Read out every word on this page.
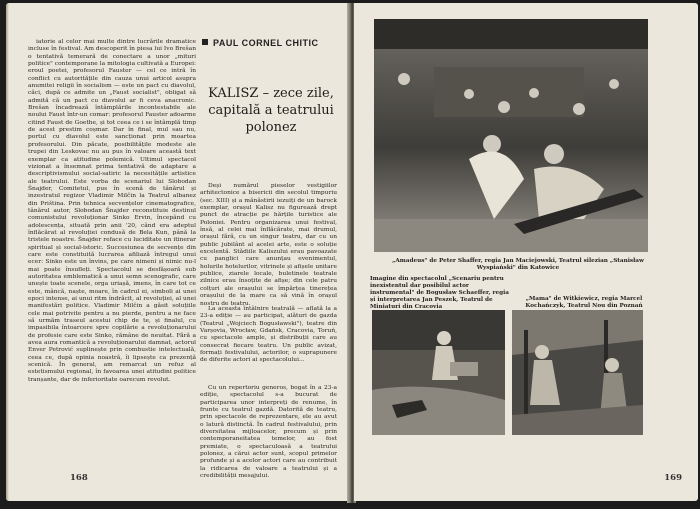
iatorie al celor mai multe dintre lucrările dramatice incluse în festival. Am descoperit în piesa lui Ivo Brešan o tentativă temerară de conectare a unor „mituri politice" contemporane la mitologia cultivată a Europei: eroul poetei, profesorul Fauster — cel ce intră în conflict cu autoritățile din cauza unui articol asupra anumitei religii în socialism — este un pact cu diavolul, căci, după ce admite un „Faust socialist", obligat să admită că un pact cu diavolul ar fi ceva anacronic. Brešan încadrează întâmplările incontestabile ale noului Faust într-un comar: profesorul Fauster adoarme citind Faust de Goethe, și tot ceea ce i se întâmplă timp de acest prestim coșmar. Dar în final, mul sau nu, portul cu diavolul este sancționat prin moartea profesorului. Din păcate, posibilitățile modeste ale trupei din Leskovac nu au pus în valoare această text exemplar ca atitudine polemică. Ultimul spectacol vizionat a însemnat prima tentativă de adaptare a descriptivismului social-satiric la necesitățile artistice ale teatrului. Este vorba de scenariul lui Slobodan Šnajder, Comitetul, pus în scenă de tânărul și inzestratul regizor Vladimir Milčin la Teatrul albanez din Priština. Prin tehnica secvențelor cinematografice, tânărul autor, Slobodan Šnajder reconstituie destinul comunistului revoluționar Sinko Ervin, începând cu adolescența, situată prin anii '20, când era adeptul înflăcărat al revoluției condusă de Bela Kun, până la tristele noastre. Šnajder reface cu luciditate un itinerar spiritual și social-istoric. Succesiunea de secvențe din care este constituită lucrarea afiliază întregul unui ecer: Sinko este un învins, pe care nimeni și nimic nu-l mai poate însufleți. Spectacolul se desfășoară sub autoritatea emblematică a unui semn scenografic, care unește toate scenele, orga uriașă, imens, în care tot ce este, mâncă, naște, moare, în cadrul ei, simboli ai unei epoci intense, ai unui ritm îndrăcit, al revoluției, al unei manifestări politice. Vladimir Milčin a găsit soluțiile cele mai potrivite pentru a nu pierde, pentru a ne face să urmăm traseul acestui chip de te, și finalul, cu impasibila întoarcere spre copilărie a revoluționarului de profesie care este Sinko, rămâne de neuitat. Fără a avea aura romantică a revoluționarului damnat, actorul Enver Petrović suplinește prin combustie intelectuală, ceea ce, după opinia noastră, îi lipsește ca prezență scenică. În general, am remarcat un refuz al estetismului regional, în favoarea unei atitudini politice tranșante, dar de inferioritate oarecum revolut.

PAUL CORNEL CHITIC
KALISZ – zece zile, capitală a teatrului polonez

Deși numărul pieselor vestigiilor arhitectonice a bisericii din secolul timpuriu (sec. XIII) și a mănăstirii iezuiți de un barock exemplar, orașul Kalisz nu figurează drept punct de atracție pe hărțile turistice ale Poloniei. Pentru organizarea unui festival, însă, al celei mai înflăcărate, mai drumul, orașul fără, cu un singur teatru, dar cu un public jubilânt al acelei arte, este o soluție excelentă. Stădiile Kaliszului erau pavoazate cu panglici care anunțau evenimentul, holurile hotelurilor, vitrinele și afișele unitare publice, ziarele locale, buletinele teatrale zilnice erau însoțite de afișe; din cele patru colțuri ale orașului se împărțea tinerețea orașului de la mare ca să vină în orașul nostru de teatru.

La aceasta întâlnire teatrală — aflată la a 23-a ediție — au participat, alături de gazda (Teatrul „Wojciech Bogusławski"), teatre din Varșovia, Wrocław, Gdańsk, Cracovia, Toruń, cu spectacole ample, și distribuții care au consecrat fiecare teatru. Un public avizat, formați festivalului, actorilor, o suprapunere de diferite actori ai spectacolului...

Cu un repertoriu generos, bogat în a 23-a ediție, spectacolul s-a bucurat de participarea unor interpreți de renume, în frunte cu teatrul gazdă. Datorită de teatru, prin spectacole de reprezentare, ele au avut o latură distinctă. În cadrul festivalului, prin diversitatea mijloacelor, precum și prin contemporaneitatea temelor, au fost premiate, o spectaculoasă a teatrului polonez, a cărui actor sunt, scopul primelor profunde și a acelor actori care au contribuit la ridicarea de valoare a teatrului și a credibilității mesajului.

168
„Amadeus" de Peter Shaffer, regia Jan Maciejowski, Teatrul silezian „Stanisław Wyspiański" din Katowice
Imagine din spectacolul „Scenariu pentru inexistentul dar posibilul actor instrumental" de Bogusław Schaeffer, regia și interpretarea Jan Peszek, Teatrul de Miniaturi din Cracovia
„Mama" de Witkiewicz, regia Marcel Kochańczyk, Teatrul Nou din Poznań
169
